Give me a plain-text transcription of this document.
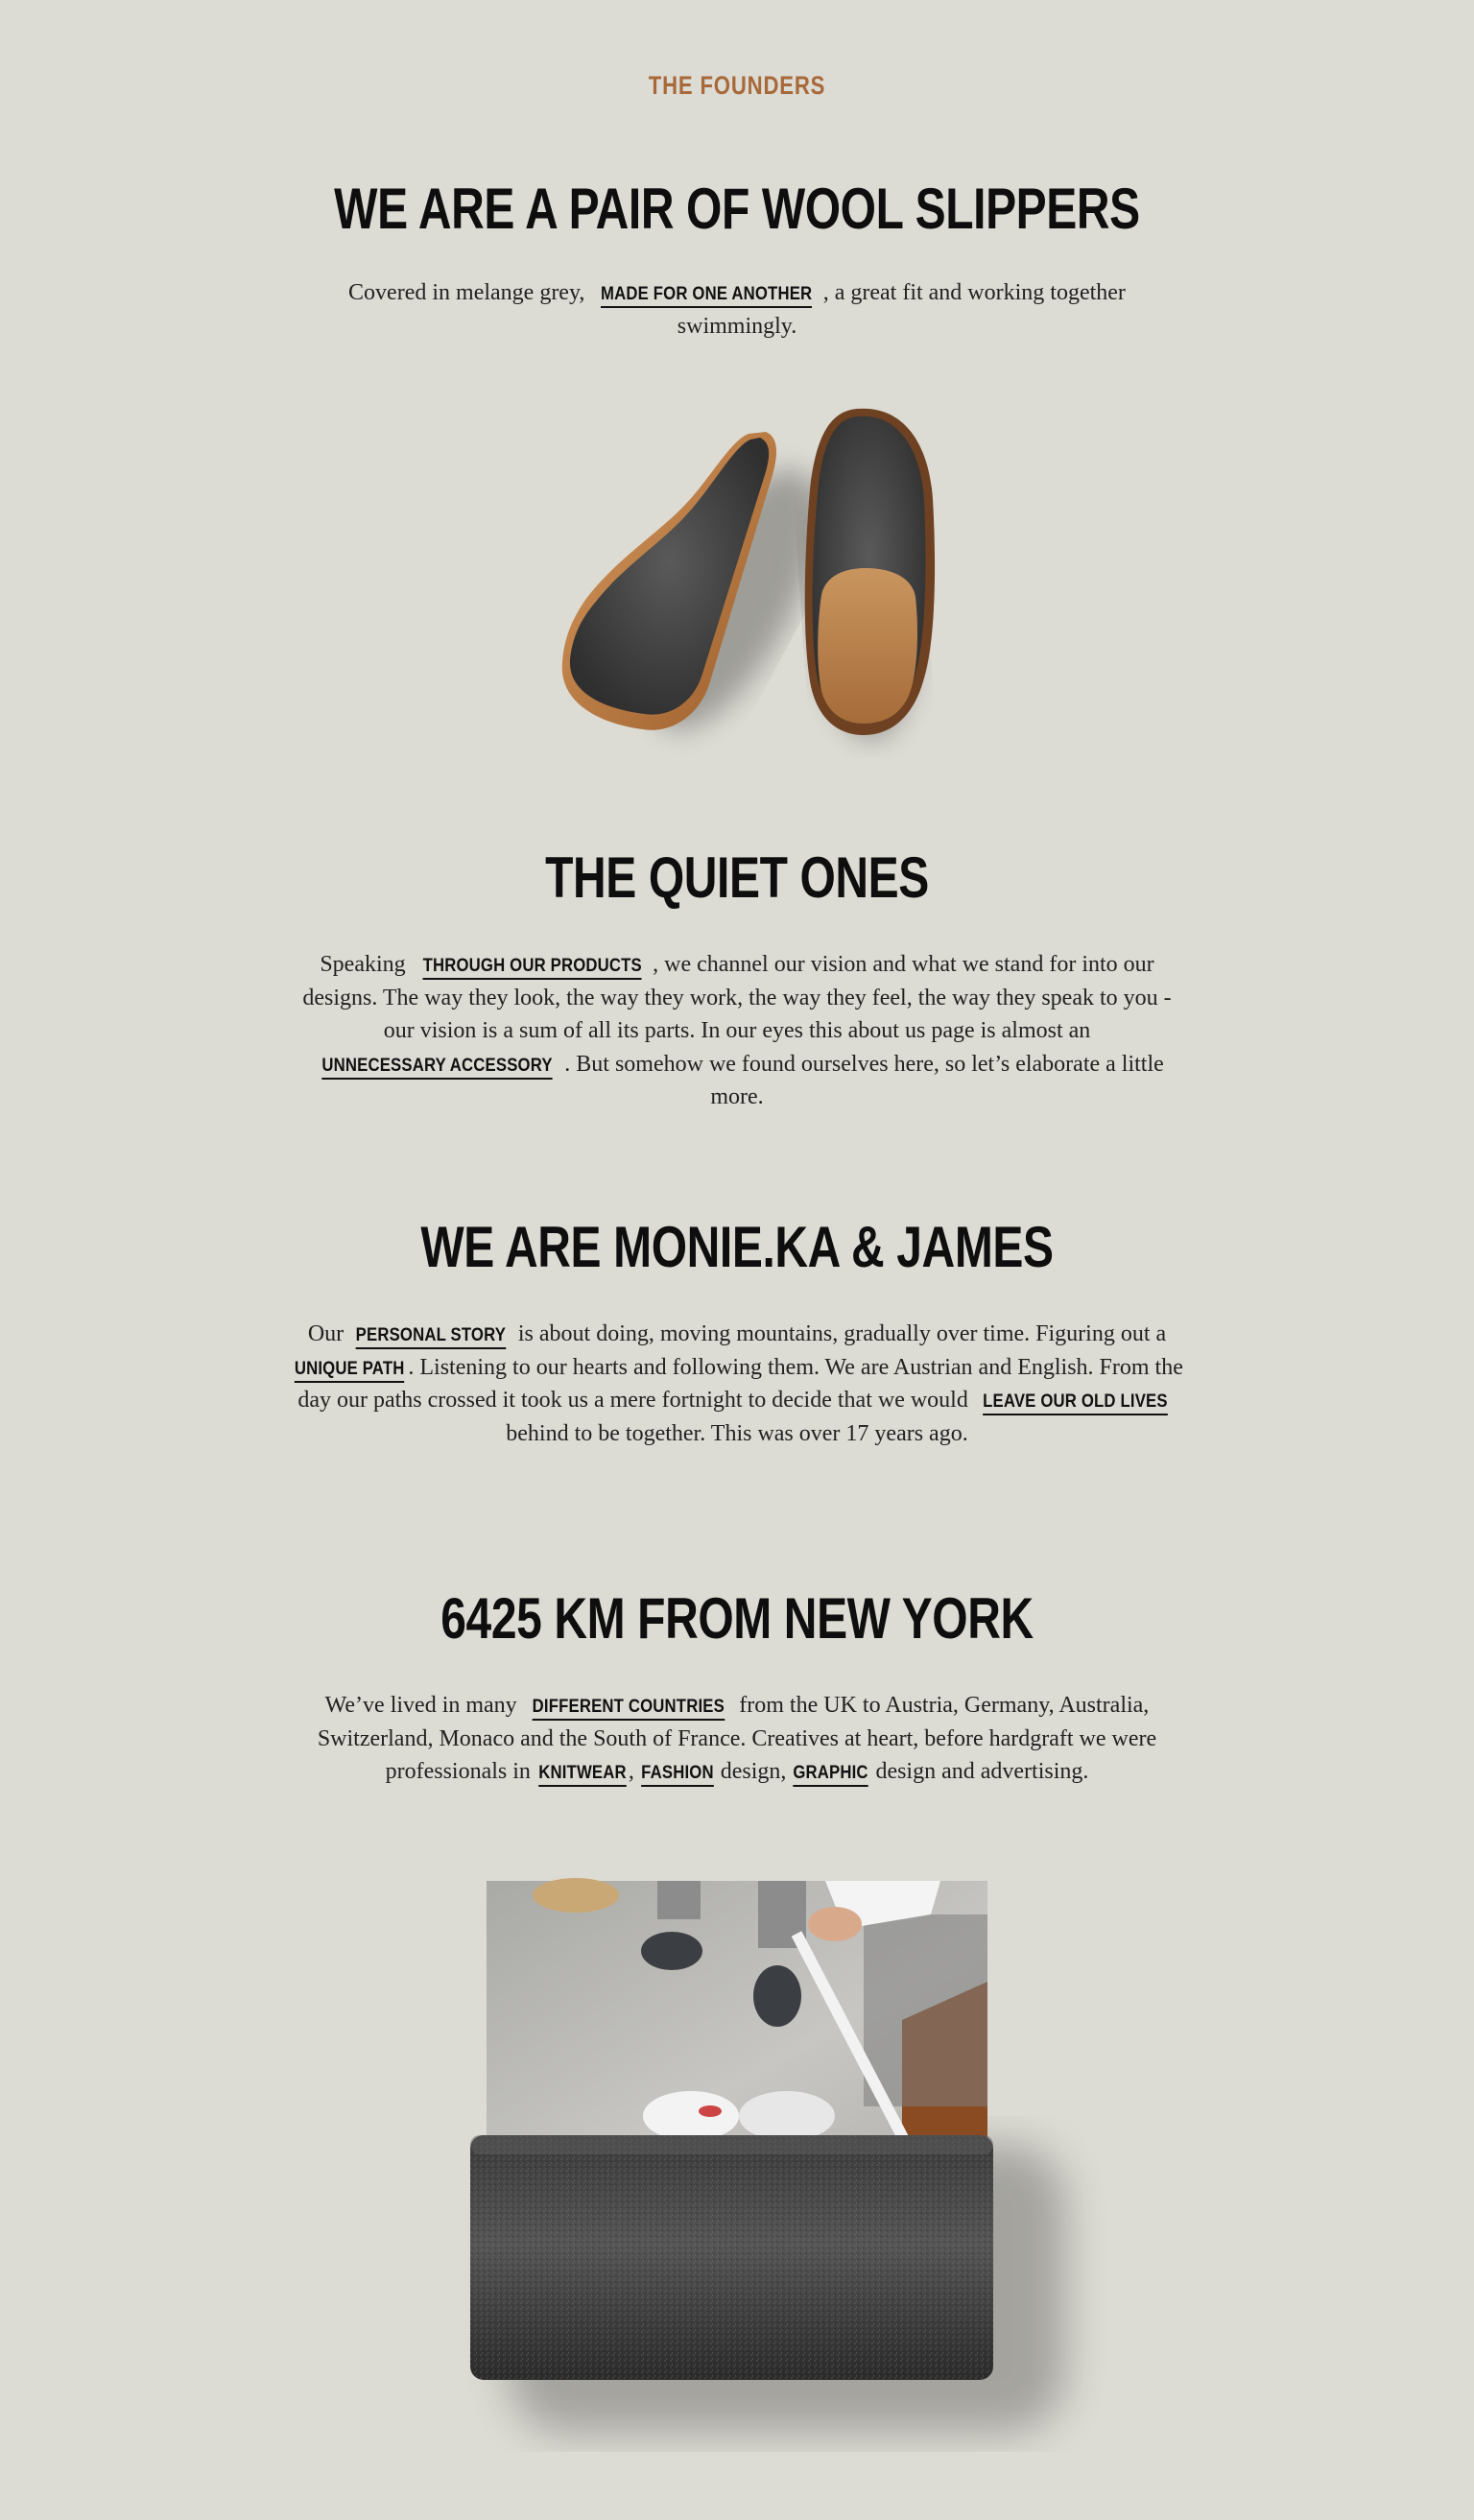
THE FOUNDERS
WE ARE A PAIR OF WOOL SLIPPERS

Covered in melange grey, MADE FOR ONE ANOTHER , a great fit and working together swimmingly.

THE QUIET ONES

Speaking THROUGH OUR PRODUCTS , we channel our vision and what we stand for into our designs. The way they look, the way they work, the way they feel, the way they speak to you - our vision is a sum of all its parts. In our eyes this about us page is almost an UNNECESSARY ACCESSORY . But somehow we found ourselves here, so let’s elaborate a little more.

WE ARE MONIE.KA & JAMES

Our PERSONAL STORY is about doing, moving mountains, gradually over time. Figuring out a UNIQUE PATH . Listening to our hearts and following them. We are Austrian and English. From the day our paths crossed it took us a mere fortnight to decide that we would LEAVE OUR OLD LIVES behind to be together. This was over 17 years ago.

6425 KM FROM NEW YORK

We’ve lived in many DIFFERENT COUNTRIES from the UK to Austria, Germany, Australia, Switzerland, Monaco and the South of France. Creatives at heart, before hardgraft we were professionals in KNITWEAR, FASHION design, GRAPHIC design and advertising.
